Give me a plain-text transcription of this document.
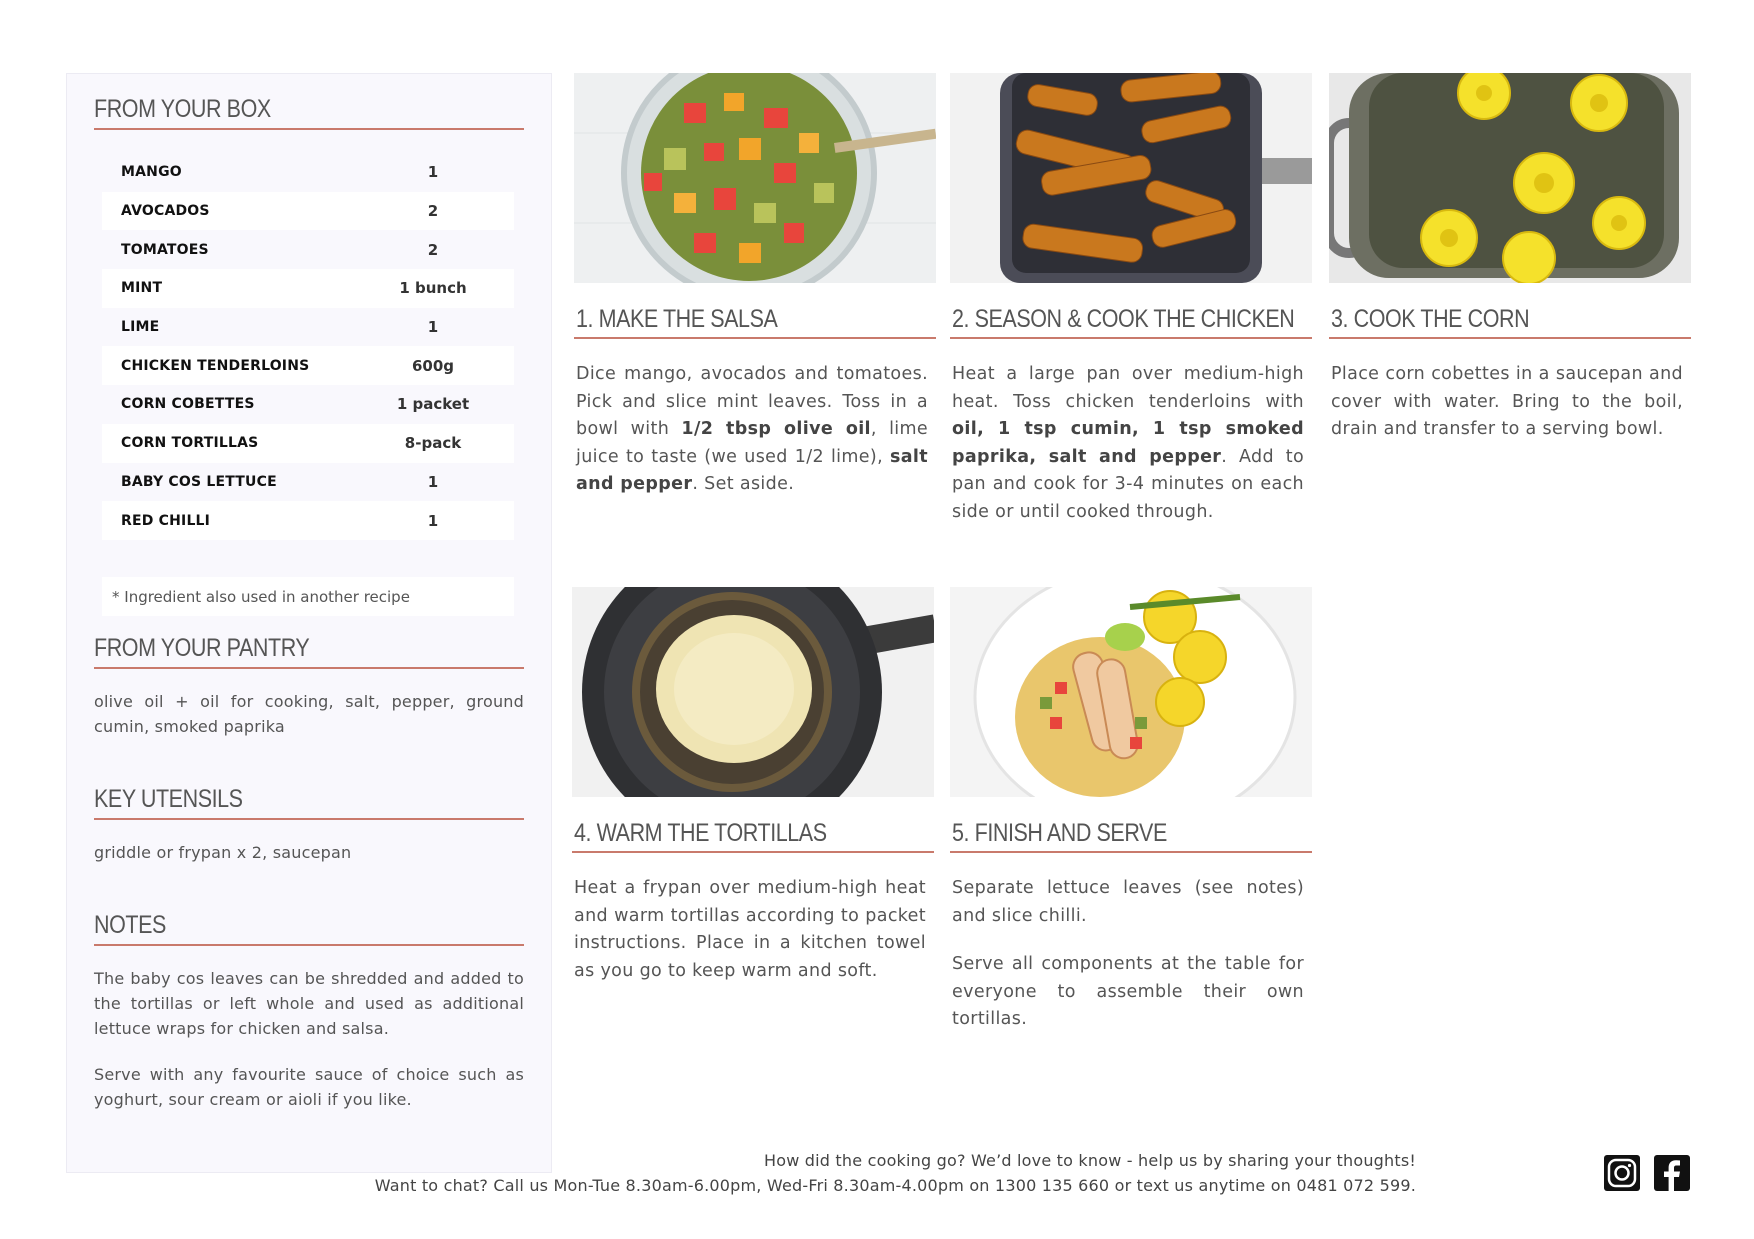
FROM YOUR BOX
MANGO	1
AVOCADOS	2
TOMATOES	2
MINT	1 bunch
LIME	1
CHICKEN TENDERLOINS	600g
CORN COBETTES	1 packet
CORN TORTILLAS	8-pack
BABY COS LETTUCE	1
RED CHILLI	1
* Ingredient also used in another recipe
FROM YOUR PANTRY
olive oil + oil for cooking, salt, pepper, ground cumin, smoked paprika
KEY UTENSILS
griddle or frypan x 2, saucepan
NOTES
The baby cos leaves can be shredded and added to the tortillas or left whole and used as additional lettuce wraps for chicken and salsa.
Serve with any favourite sauce of choice such as yoghurt, sour cream or aioli if you like.
1. MAKE THE SALSA
Dice mango, avocados and tomatoes. Pick and slice mint leaves. Toss in a bowl with 1/2 tbsp olive oil, lime juice to taste (we used 1/2 lime), salt and pepper. Set aside.
2. SEASON & COOK THE CHICKEN
Heat a large pan over medium-high heat. Toss chicken tenderloins with oil, 1 tsp cumin, 1 tsp smoked paprika, salt and pepper. Add to pan and cook for 3-4 minutes on each side or until cooked through.
3. COOK THE CORN
Place corn cobettes in a saucepan and cover with water. Bring to the boil, drain and transfer to a serving bowl.
4. WARM THE TORTILLAS
Heat a frypan over medium-high heat and warm tortillas according to packet instructions. Place in a kitchen towel as you go to keep warm and soft.
5. FINISH AND SERVE

Separate lettuce leaves (see notes) and slice chilli.

Serve all components at the table for everyone to assemble their own tortillas.

How did the cooking go? We’d love to know - help us by sharing your thoughts!
Want to chat? Call us Mon-Tue 8.30am-6.00pm, Wed-Fri 8.30am-4.00pm on 1300 135 660 or text us anytime on 0481 072 599.
